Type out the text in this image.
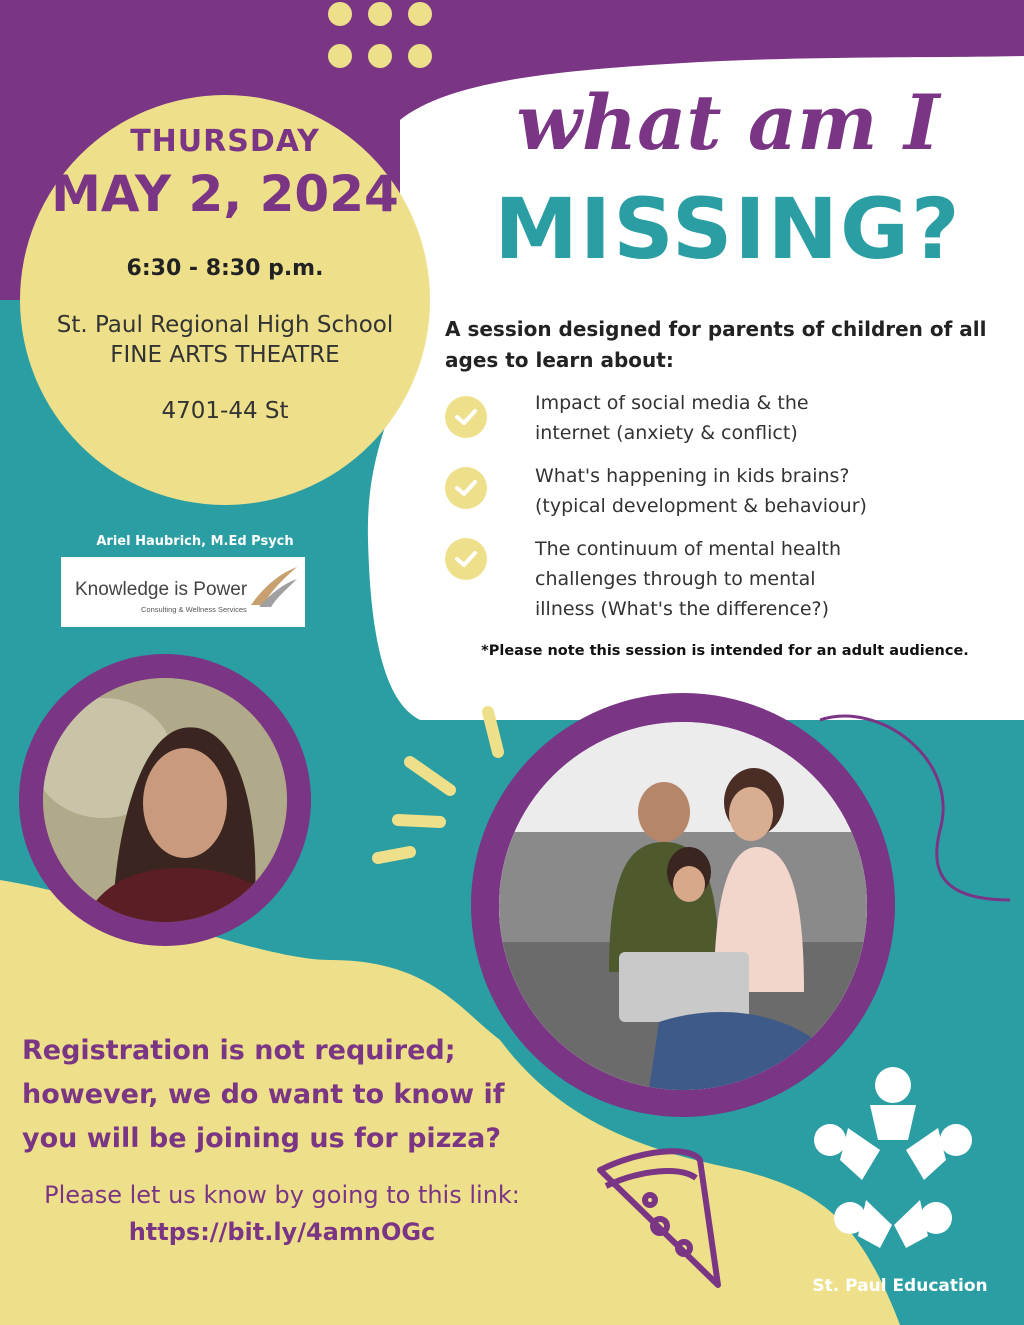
THURSDAY
MAY 2, 2024
6:30 - 8:30 p.m.
St. Paul Regional High School
FINE ARTS THEATRE
4701-44 St
what am I
MISSING?
A session designed for parents of children of all ages to learn about:
Impact of social media & the
internet (anxiety & conflict)
What's happening in kids brains?
(typical development & behaviour)
The continuum of mental health
challenges through to mental
illness (What's the difference?)
*Please note this session is intended for an adult audience.
Ariel Haubrich, M.Ed Psych
Knowledge is Power
Consulting & Wellness Services
Registration is not required;
however, we do want to know if
you will be joining us for pizza?
Please let us know by going to this link:
https://bit.ly/4amnOGc
St. Paul Education
